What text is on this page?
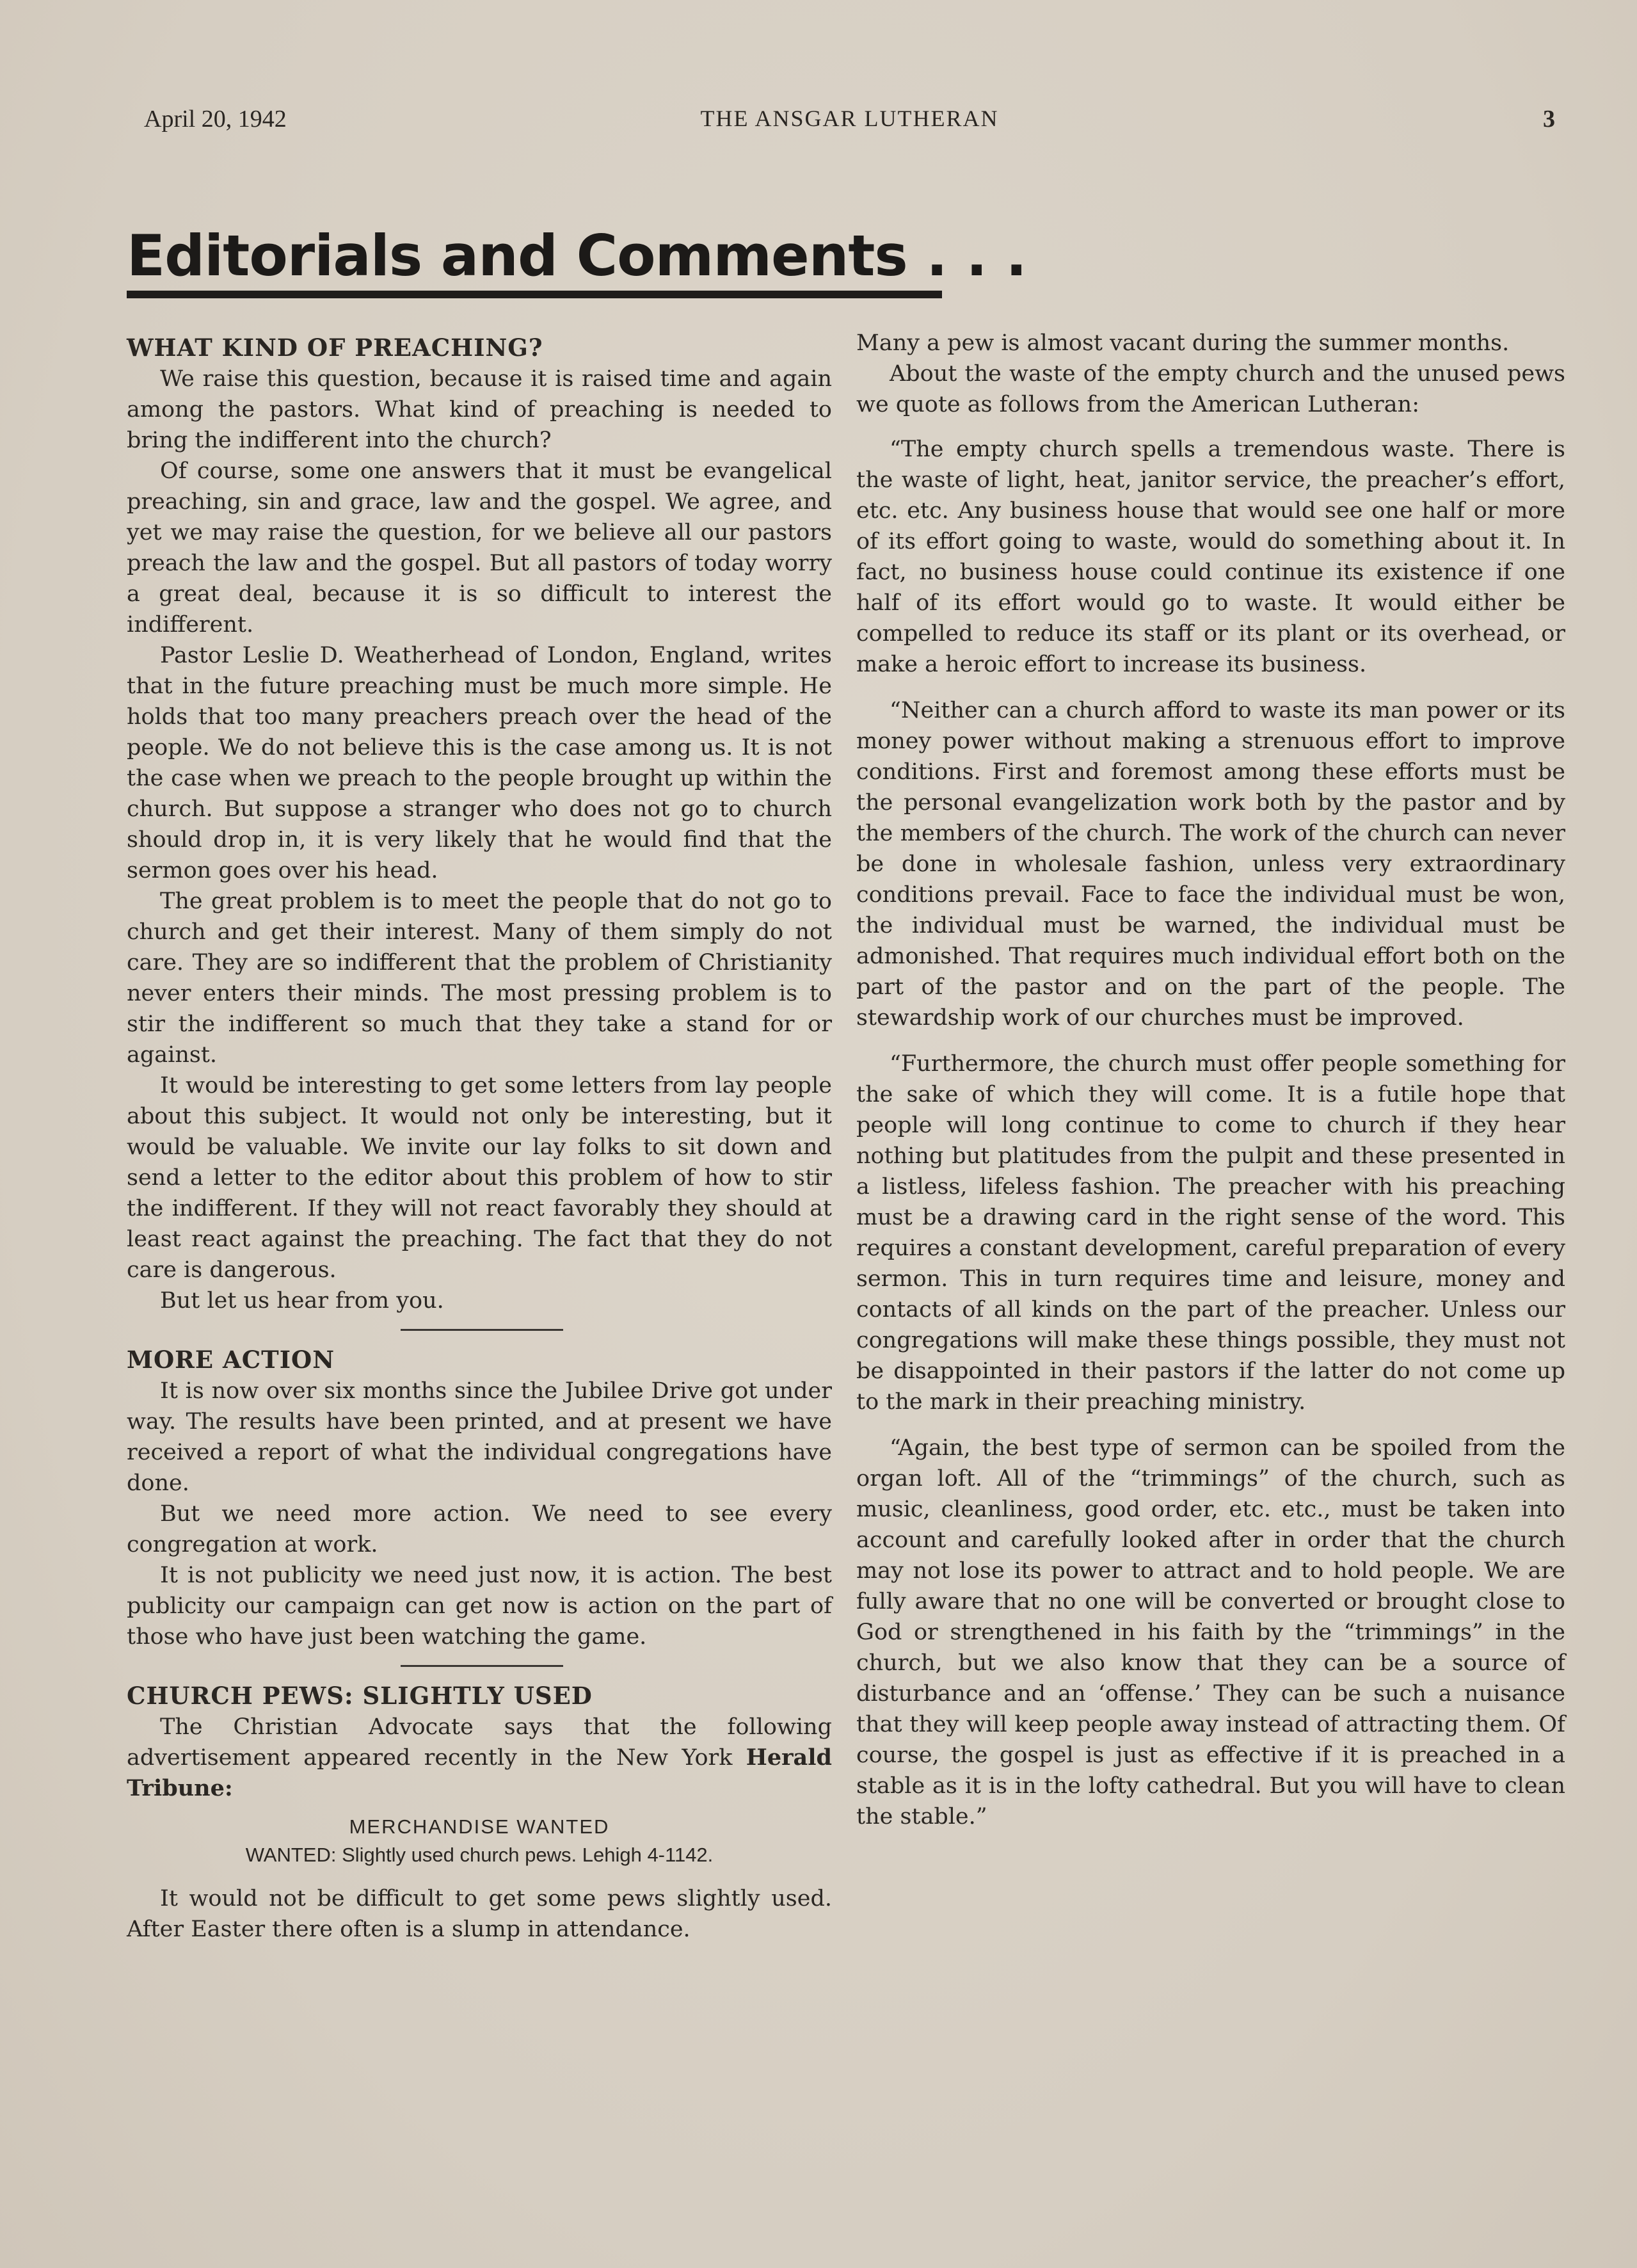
April 20, 1942	THE ANSGAR LUTHERAN	3
Editorials and Comments . . .
WHAT KIND OF PREACHING?

We raise this question, because it is raised time and again among the pastors. What kind of preaching is needed to bring the indifferent into the church?

Of course, some one answers that it must be evangelical preaching, sin and grace, law and the gospel. We agree, and yet we may raise the question, for we believe all our pastors preach the law and the gospel. But all pastors of today worry a great deal, because it is so difficult to interest the indifferent.

Pastor Leslie D. Weatherhead of London, England, writes that in the future preaching must be much more simple. He holds that too many preachers preach over the head of the people. We do not believe this is the case among us. It is not the case when we preach to the people brought up within the church. But suppose a stranger who does not go to church should drop in, it is very likely that he would find that the sermon goes over his head.

The great problem is to meet the people that do not go to church and get their interest. Many of them simply do not care. They are so indifferent that the problem of Christianity never enters their minds. The most pressing problem is to stir the indifferent so much that they take a stand for or against.

It would be interesting to get some letters from lay people about this subject. It would not only be interesting, but it would be valuable. We invite our lay folks to sit down and send a letter to the editor about this problem of how to stir the indifferent. If they will not react favorably they should at least react against the preaching. The fact that they do not care is dangerous.

But let us hear from you.

MORE ACTION

It is now over six months since the Jubilee Drive got under way. The results have been printed, and at present we have received a report of what the individual congregations have done.

But we need more action. We need to see every congregation at work.

It is not publicity we need just now, it is action. The best publicity our campaign can get now is action on the part of those who have just been watching the game.

CHURCH PEWS: SLIGHTLY USED

The Christian Advocate says that the following advertisement appeared recently in the New York Herald Tribune:

MERCHANDISE WANTED
WANTED: Slightly used church pews. Lehigh 4-1142.

It would not be difficult to get some pews slightly used. After Easter there often is a slump in attendance.

Many a pew is almost vacant during the summer months.

About the waste of the empty church and the unused pews we quote as follows from the American Lutheran:

“The empty church spells a tremendous waste. There is the waste of light, heat, janitor service, the preacher’s effort, etc. etc. Any business house that would see one half or more of its effort going to waste, would do something about it. In fact, no business house could continue its existence if one half of its effort would go to waste. It would either be compelled to reduce its staff or its plant or its overhead, or make a heroic effort to increase its business.

“Neither can a church afford to waste its man power or its money power without making a strenuous effort to improve conditions. First and foremost among these efforts must be the personal evangelization work both by the pastor and by the members of the church. The work of the church can never be done in wholesale fashion, unless very extraordinary conditions prevail. Face to face the individual must be won, the individual must be warned, the individual must be admonished. That requires much individual effort both on the part of the pastor and on the part of the people. The stewardship work of our churches must be improved.

“Furthermore, the church must offer people something for the sake of which they will come. It is a futile hope that people will long continue to come to church if they hear nothing but platitudes from the pulpit and these presented in a listless, lifeless fashion. The preacher with his preaching must be a drawing card in the right sense of the word. This requires a constant development, careful preparation of every sermon. This in turn requires time and leisure, money and contacts of all kinds on the part of the preacher. Unless our congregations will make these things possible, they must not be disappointed in their pastors if the latter do not come up to the mark in their preaching ministry.

“Again, the best type of sermon can be spoiled from the organ loft. All of the “trimmings” of the church, such as music, cleanliness, good order, etc. etc., must be taken into account and carefully looked after in order that the church may not lose its power to attract and to hold people. We are fully aware that no one will be converted or brought close to God or strengthened in his faith by the “trimmings” in the church, but we also know that they can be a source of disturbance and an ‘offense.’ They can be such a nuisance that they will keep people away instead of attracting them. Of course, the gospel is just as effective if it is preached in a stable as it is in the lofty cathedral. But you will have to clean the stable.”
